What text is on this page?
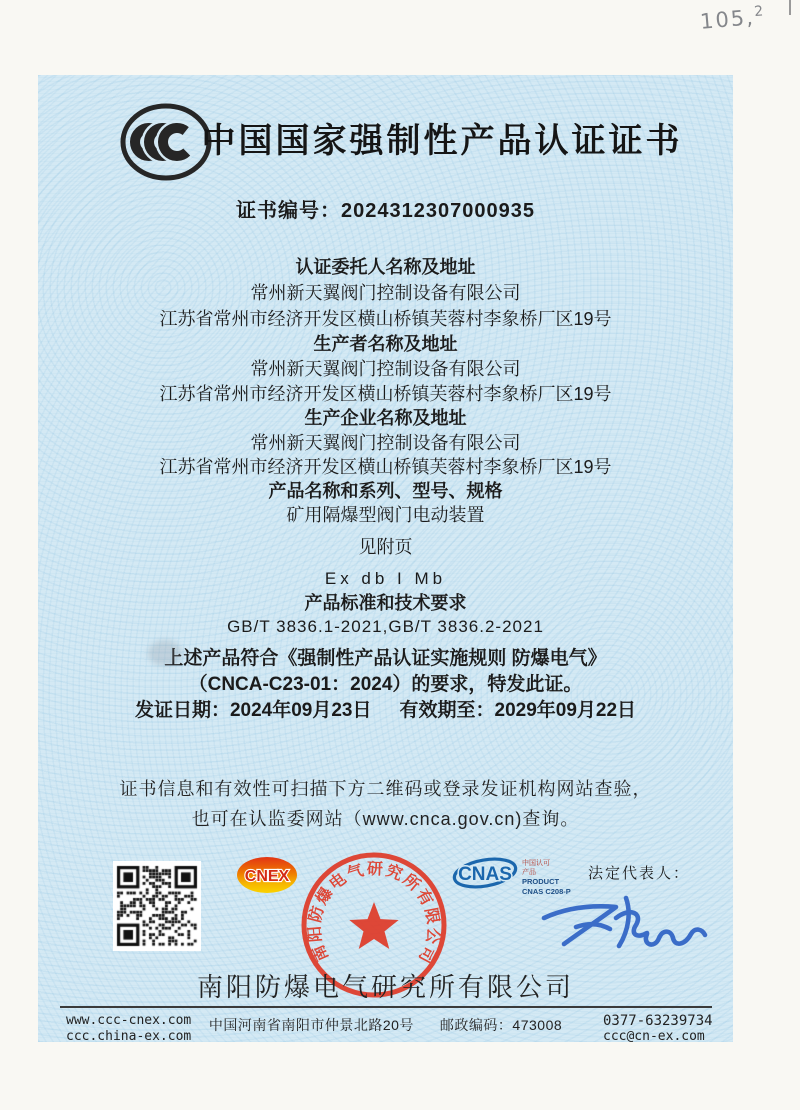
105,$^2$
中国国家强制性产品认证证书
证书编号：2024312307000935
认证委托人名称及地址
常州新天翼阀门控制设备有限公司
江苏省常州市经济开发区横山桥镇芙蓉村李象桥厂区19号
生产者名称及地址
常州新天翼阀门控制设备有限公司
江苏省常州市经济开发区横山桥镇芙蓉村李象桥厂区19号
生产企业名称及地址
常州新天翼阀门控制设备有限公司
江苏省常州市经济开发区横山桥镇芙蓉村李象桥厂区19号
产品名称和系列、型号、规格
矿用隔爆型阀门电动装置
见附页
Ex db I Mb
产品标准和技术要求
GB/T 3836.1-2021,GB/T 3836.2-2021
上述产品符合《强制性产品认证实施规则 防爆电气》
（CNCA-C23-01：2024）的要求，特发此证。
发证日期：2024年09月23日 有效期至：2029年09月22日
证书信息和有效性可扫描下方二维码或登录发证机构网站查验，
也可在认监委网站（www.cnca.gov.cn)查询。
CNEX
南阳防爆电气研究所有限公司
CNAS
中国认可
产品
PRODUCT
CNAS C208-P
法定代表人：
南阳防爆电气研究所有限公司
www.ccc-cnex.com
ccc.china-ex.com
中国河南省南阳市仲景北路20号 邮政编码：473008	0377-63239734
ccc@cn-ex.com
